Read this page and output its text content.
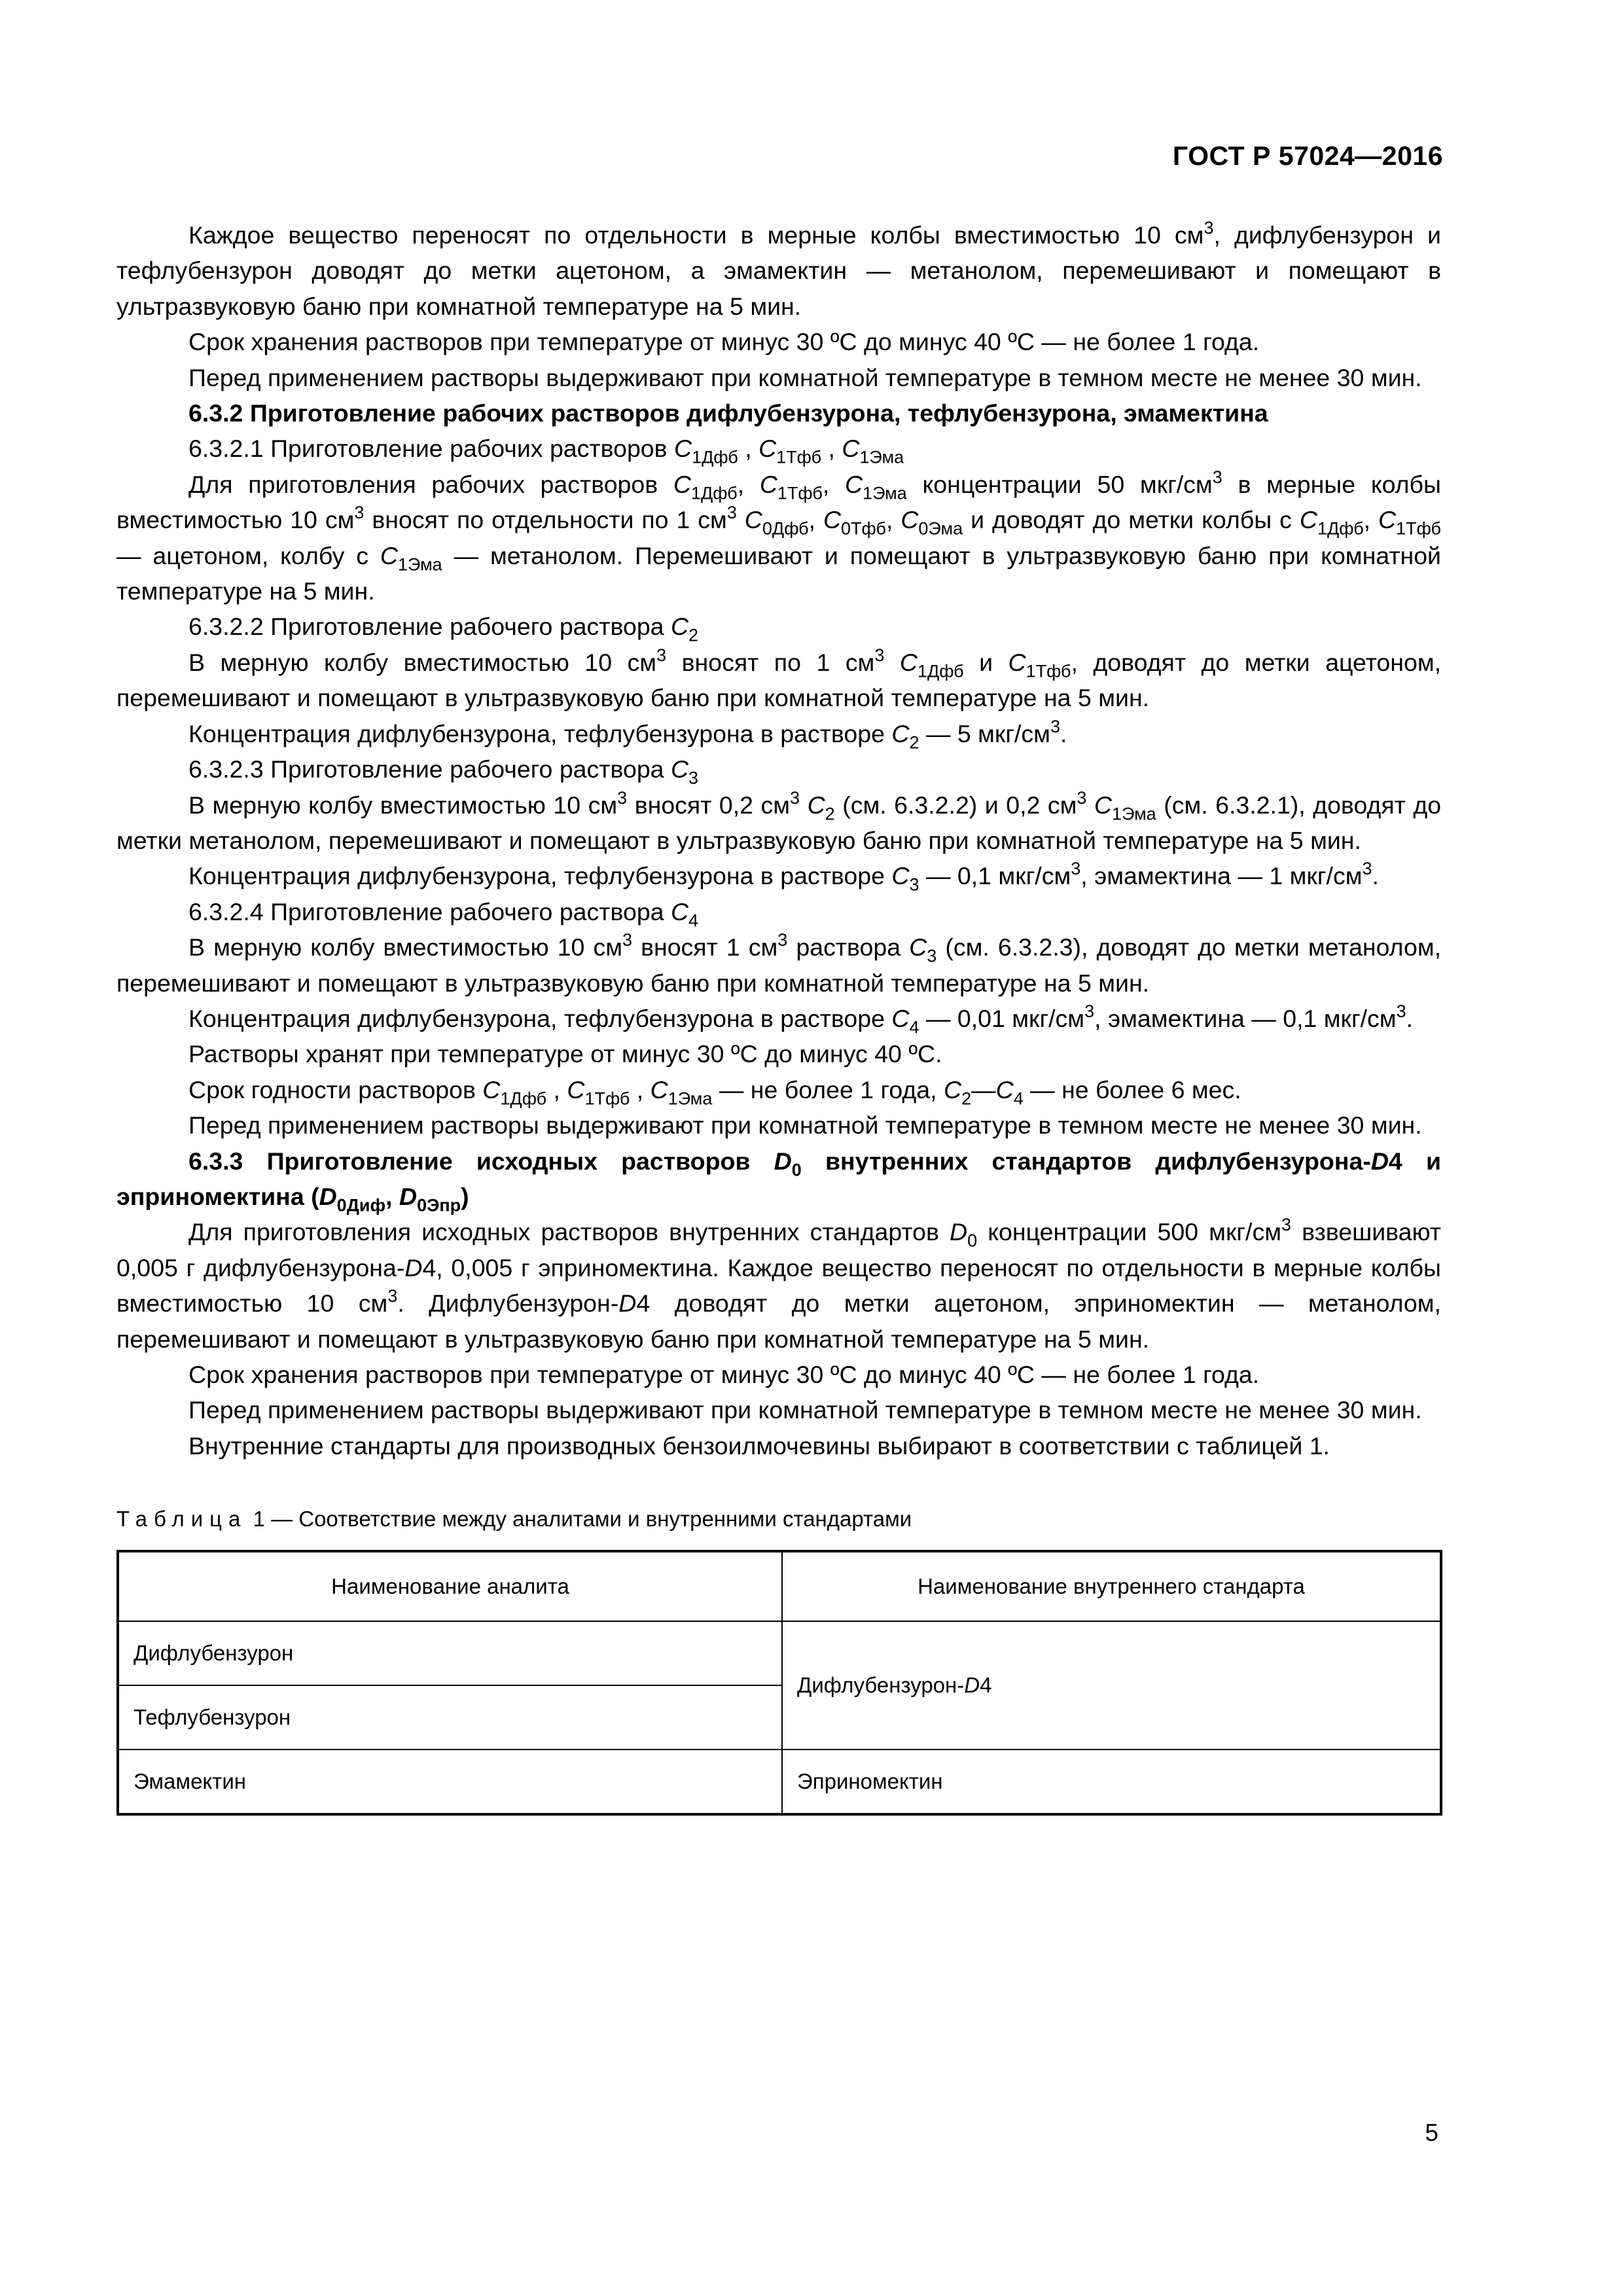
ГОСТ Р 57024—2016

Каждое вещество переносят по отдельности в мерные колбы вместимостью 10 $см^3$, дифлубензурон и тефлубензурон доводят до метки ацетоном, а эмамектин — метанолом, перемешивают и помещают в ультразвуковую баню при комнатной температуре на 5 мин.

Срок хранения растворов при температуре от минус 30 ºС до минус 40 ºС — не более 1 года.

Перед применением растворы выдерживают при комнатной температуре в темном месте не менее 30 мин.

6.3.2 Приготовление рабочих растворов дифлубензурона, тефлубензурона, эмамектина

6.3.2.1 Приготовление рабочих растворов $С_{1Дфб}$ , $С_{1Тфб}$ , $С_{1Эма}$

Для приготовления рабочих растворов $С_{1Дфб}$, $С_{1Тфб}$, $С_{1Эма}$ концентрации 50 мкг/$см^3$ в мерные колбы вместимостью 10 $см^3$ вносят по отдельности по 1 $см^3$ $С_{0Дфб}$, $С_{0Тфб}$, $С_{0Эма}$ и доводят до метки колбы с $С_{1Дфб}$, $С_{1Тфб}$ — ацетоном, колбу с $С_{1Эма}$ — метанолом. Перемешивают и помещают в ультразвуковую баню при комнатной температуре на 5 мин.

6.3.2.2 Приготовление рабочего раствора $С_2$

В мерную колбу вместимостью 10 $см^3$ вносят по 1 $см^3$ $С_{1Дфб}$ и $С_{1Тфб}$, доводят до метки ацетоном, перемешивают и помещают в ультразвуковую баню при комнатной температуре на 5 мин.

Концентрация дифлубензурона, тефлубензурона в растворе $С_2$ — 5 мкг/$см^3$.

6.3.2.3 Приготовление рабочего раствора $С_3$

В мерную колбу вместимостью 10 $см^3$ вносят 0,2 $см^3$ $С_2$ (см. 6.3.2.2) и 0,2 $см^3$ $С_{1Эма}$ (см. 6.3.2.1), доводят до метки метанолом, перемешивают и помещают в ультразвуковую баню при комнатной температуре на 5 мин.

Концентрация дифлубензурона, тефлубензурона в растворе $С_3$ — 0,1 мкг/$см^3$, эмамектина — 1 мкг/$см^3$.

6.3.2.4 Приготовление рабочего раствора $С_4$

В мерную колбу вместимостью 10 $см^3$ вносят 1 $см^3$ раствора $С_3$ (см. 6.3.2.3), доводят до метки метанолом, перемешивают и помещают в ультразвуковую баню при комнатной температуре на 5 мин.

Концентрация дифлубензурона, тефлубензурона в растворе $С_4$ — 0,01 мкг/$см^3$, эмамектина — 0,1 мкг/$см^3$.

Растворы хранят при температуре от минус 30 ºС до минус 40 ºС.

Срок годности растворов $С_{1Дфб}$ , $С_{1Тфб}$ , $С_{1Эма}$ — не более 1 года, $С_2—С_4$ — не более 6 мес.

Перед применением растворы выдерживают при комнатной температуре в темном месте не менее 30 мин.

6.3.3 Приготовление исходных растворов $D_0$ внутренних стандартов дифлубензурона-D4 и эприномектина ($D_{0Диф}$, $D_{0Эпр}$)

Для приготовления исходных растворов внутренних стандартов $D_0$ концентрации 500 мкг/$см^3$ взвешивают 0,005 г дифлубензурона-D4, 0,005 г эприномектина. Каждое вещество переносят по отдельности в мерные колбы вместимостью 10 $см^3$. Дифлубензурон-D4 доводят до метки ацетоном, эприномектин — метанолом, перемешивают и помещают в ультразвуковую баню при комнатной температуре на 5 мин.

Срок хранения растворов при температуре от минус 30 ºС до минус 40 ºС — не более 1 года.

Перед применением растворы выдерживают при комнатной температуре в темном месте не менее 30 мин.

Внутренние стандарты для производных бензоилмочевины выбирают в соответствии с таблицей 1.

Таблица 1 — Соответствие между аналитами и внутренними стандартами
Наименование аналита	Наименование внутреннего стандарта
Дифлубензурон	Дифлубензурон-D4
Тефлубензурон	
Эмамектин	Эприномектин
5
